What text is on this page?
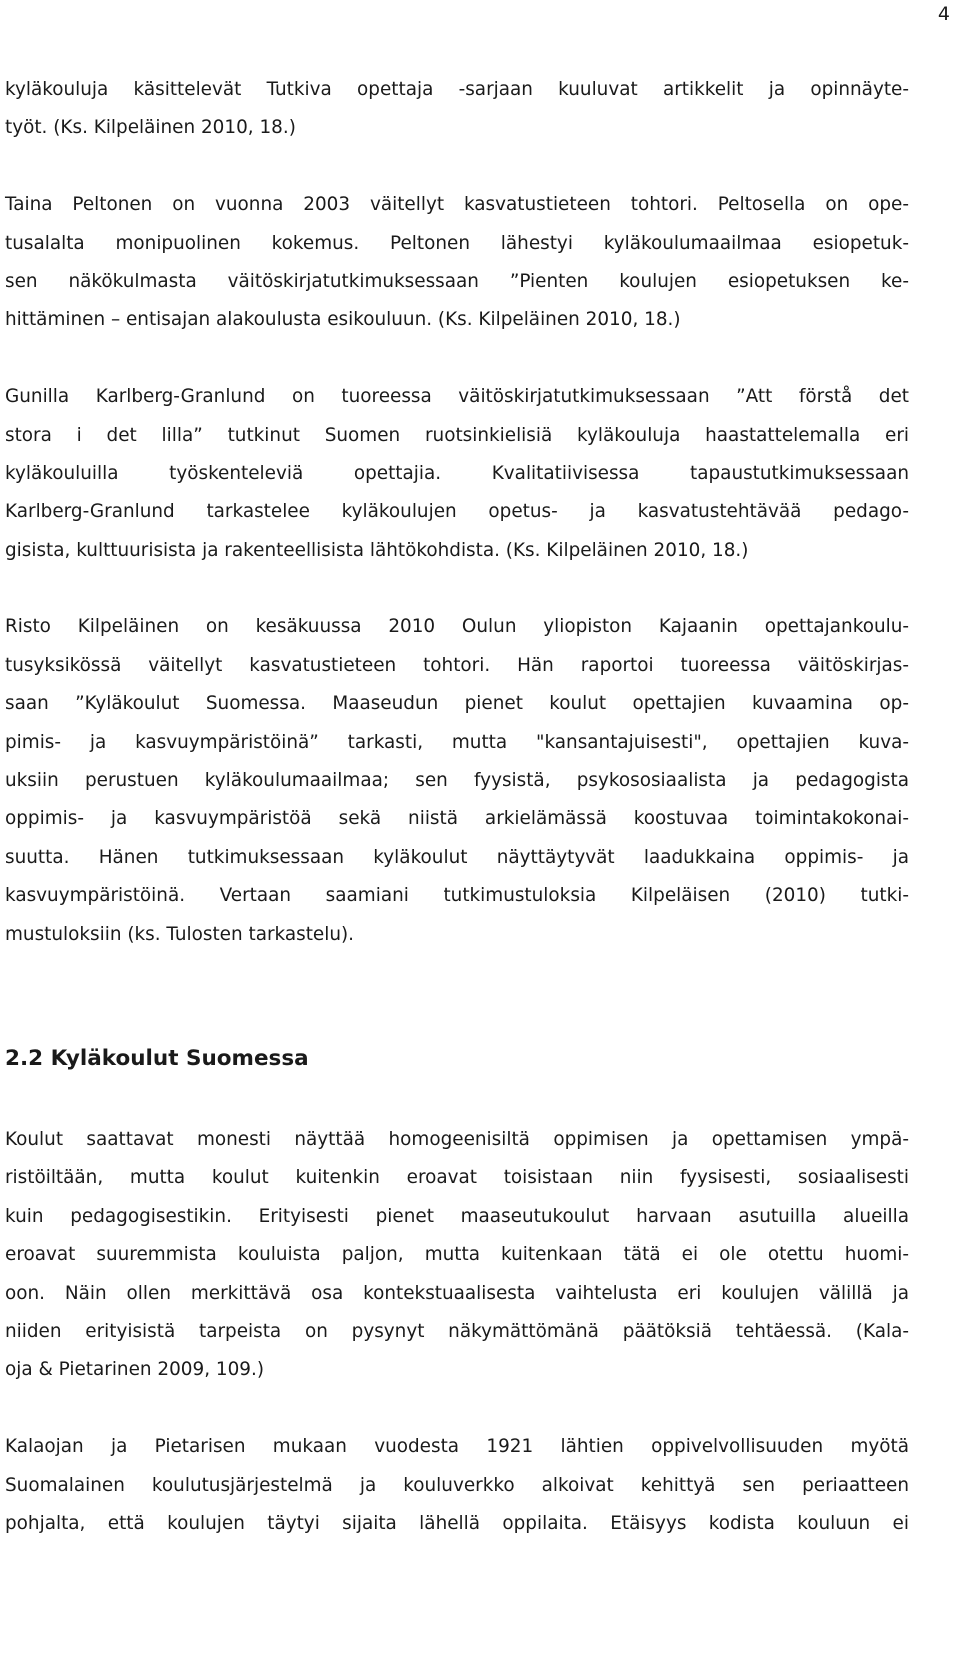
4
kyläkouluja käsittelevät Tutkiva opettaja -sarjaan kuuluvat artikkelit ja opinnäyte-
työt. (Ks. Kilpeläinen 2010, 18.)
Taina Peltonen on vuonna 2003 väitellyt kasvatustieteen tohtori. Peltosella on ope-
tusalalta monipuolinen kokemus. Peltonen lähestyi kyläkoulumaailmaa esiopetuk-
sen näkökulmasta väitöskirjatutkimuksessaan ”Pienten koulujen esiopetuksen ke-
hittäminen – entisajan alakoulusta esikouluun. (Ks. Kilpeläinen 2010, 18.)
Gunilla Karlberg-Granlund on tuoreessa väitöskirjatutkimuksessaan ”Att förstå det
stora i det lilla” tutkinut Suomen ruotsinkielisiä kyläkouluja haastattelemalla eri
kyläkouluilla työskenteleviä opettajia. Kvalitatiivisessa tapaustutkimuksessaan
Karlberg-Granlund tarkastelee kyläkoulujen opetus- ja kasvatustehtävää pedago-
gisista, kulttuurisista ja rakenteellisista lähtökohdista. (Ks. Kilpeläinen 2010, 18.)
Risto Kilpeläinen on kesäkuussa 2010 Oulun yliopiston Kajaanin opettajankoulu-
tusyksikössä väitellyt kasvatustieteen tohtori. Hän raportoi tuoreessa väitöskirjas-
saan ”Kyläkoulut Suomessa. Maaseudun pienet koulut opettajien kuvaamina op-
pimis- ja kasvuympäristöinä” tarkasti, mutta "kansantajuisesti", opettajien kuva-
uksiin perustuen kyläkoulumaailmaa; sen fyysistä, psykososiaalista ja pedagogista
oppimis- ja kasvuympäristöä sekä niistä arkielämässä koostuvaa toimintakokonai-
suutta. Hänen tutkimuksessaan kyläkoulut näyttäytyvät laadukkaina oppimis- ja
kasvuympäristöinä. Vertaan saamiani tutkimustuloksia Kilpeläisen (2010) tutki-
mustuloksiin (ks. Tulosten tarkastelu).
2.2 Kyläkoulut Suomessa
Koulut saattavat monesti näyttää homogeenisiltä oppimisen ja opettamisen ympä-
ristöiltään, mutta koulut kuitenkin eroavat toisistaan niin fyysisesti, sosiaalisesti
kuin pedagogisestikin. Erityisesti pienet maaseutukoulut harvaan asutuilla alueilla
eroavat suuremmista kouluista paljon, mutta kuitenkaan tätä ei ole otettu huomi-
oon. Näin ollen merkittävä osa kontekstuaalisesta vaihtelusta eri koulujen välillä ja
niiden erityisistä tarpeista on pysynyt näkymättömänä päätöksiä tehtäessä. (Kala-
oja & Pietarinen 2009, 109.)
Kalaojan ja Pietarisen mukaan vuodesta 1921 lähtien oppivelvollisuuden myötä
Suomalainen koulutusjärjestelmä ja kouluverkko alkoivat kehittyä sen periaatteen
pohjalta, että koulujen täytyi sijaita lähellä oppilaita. Etäisyys kodista kouluun ei
